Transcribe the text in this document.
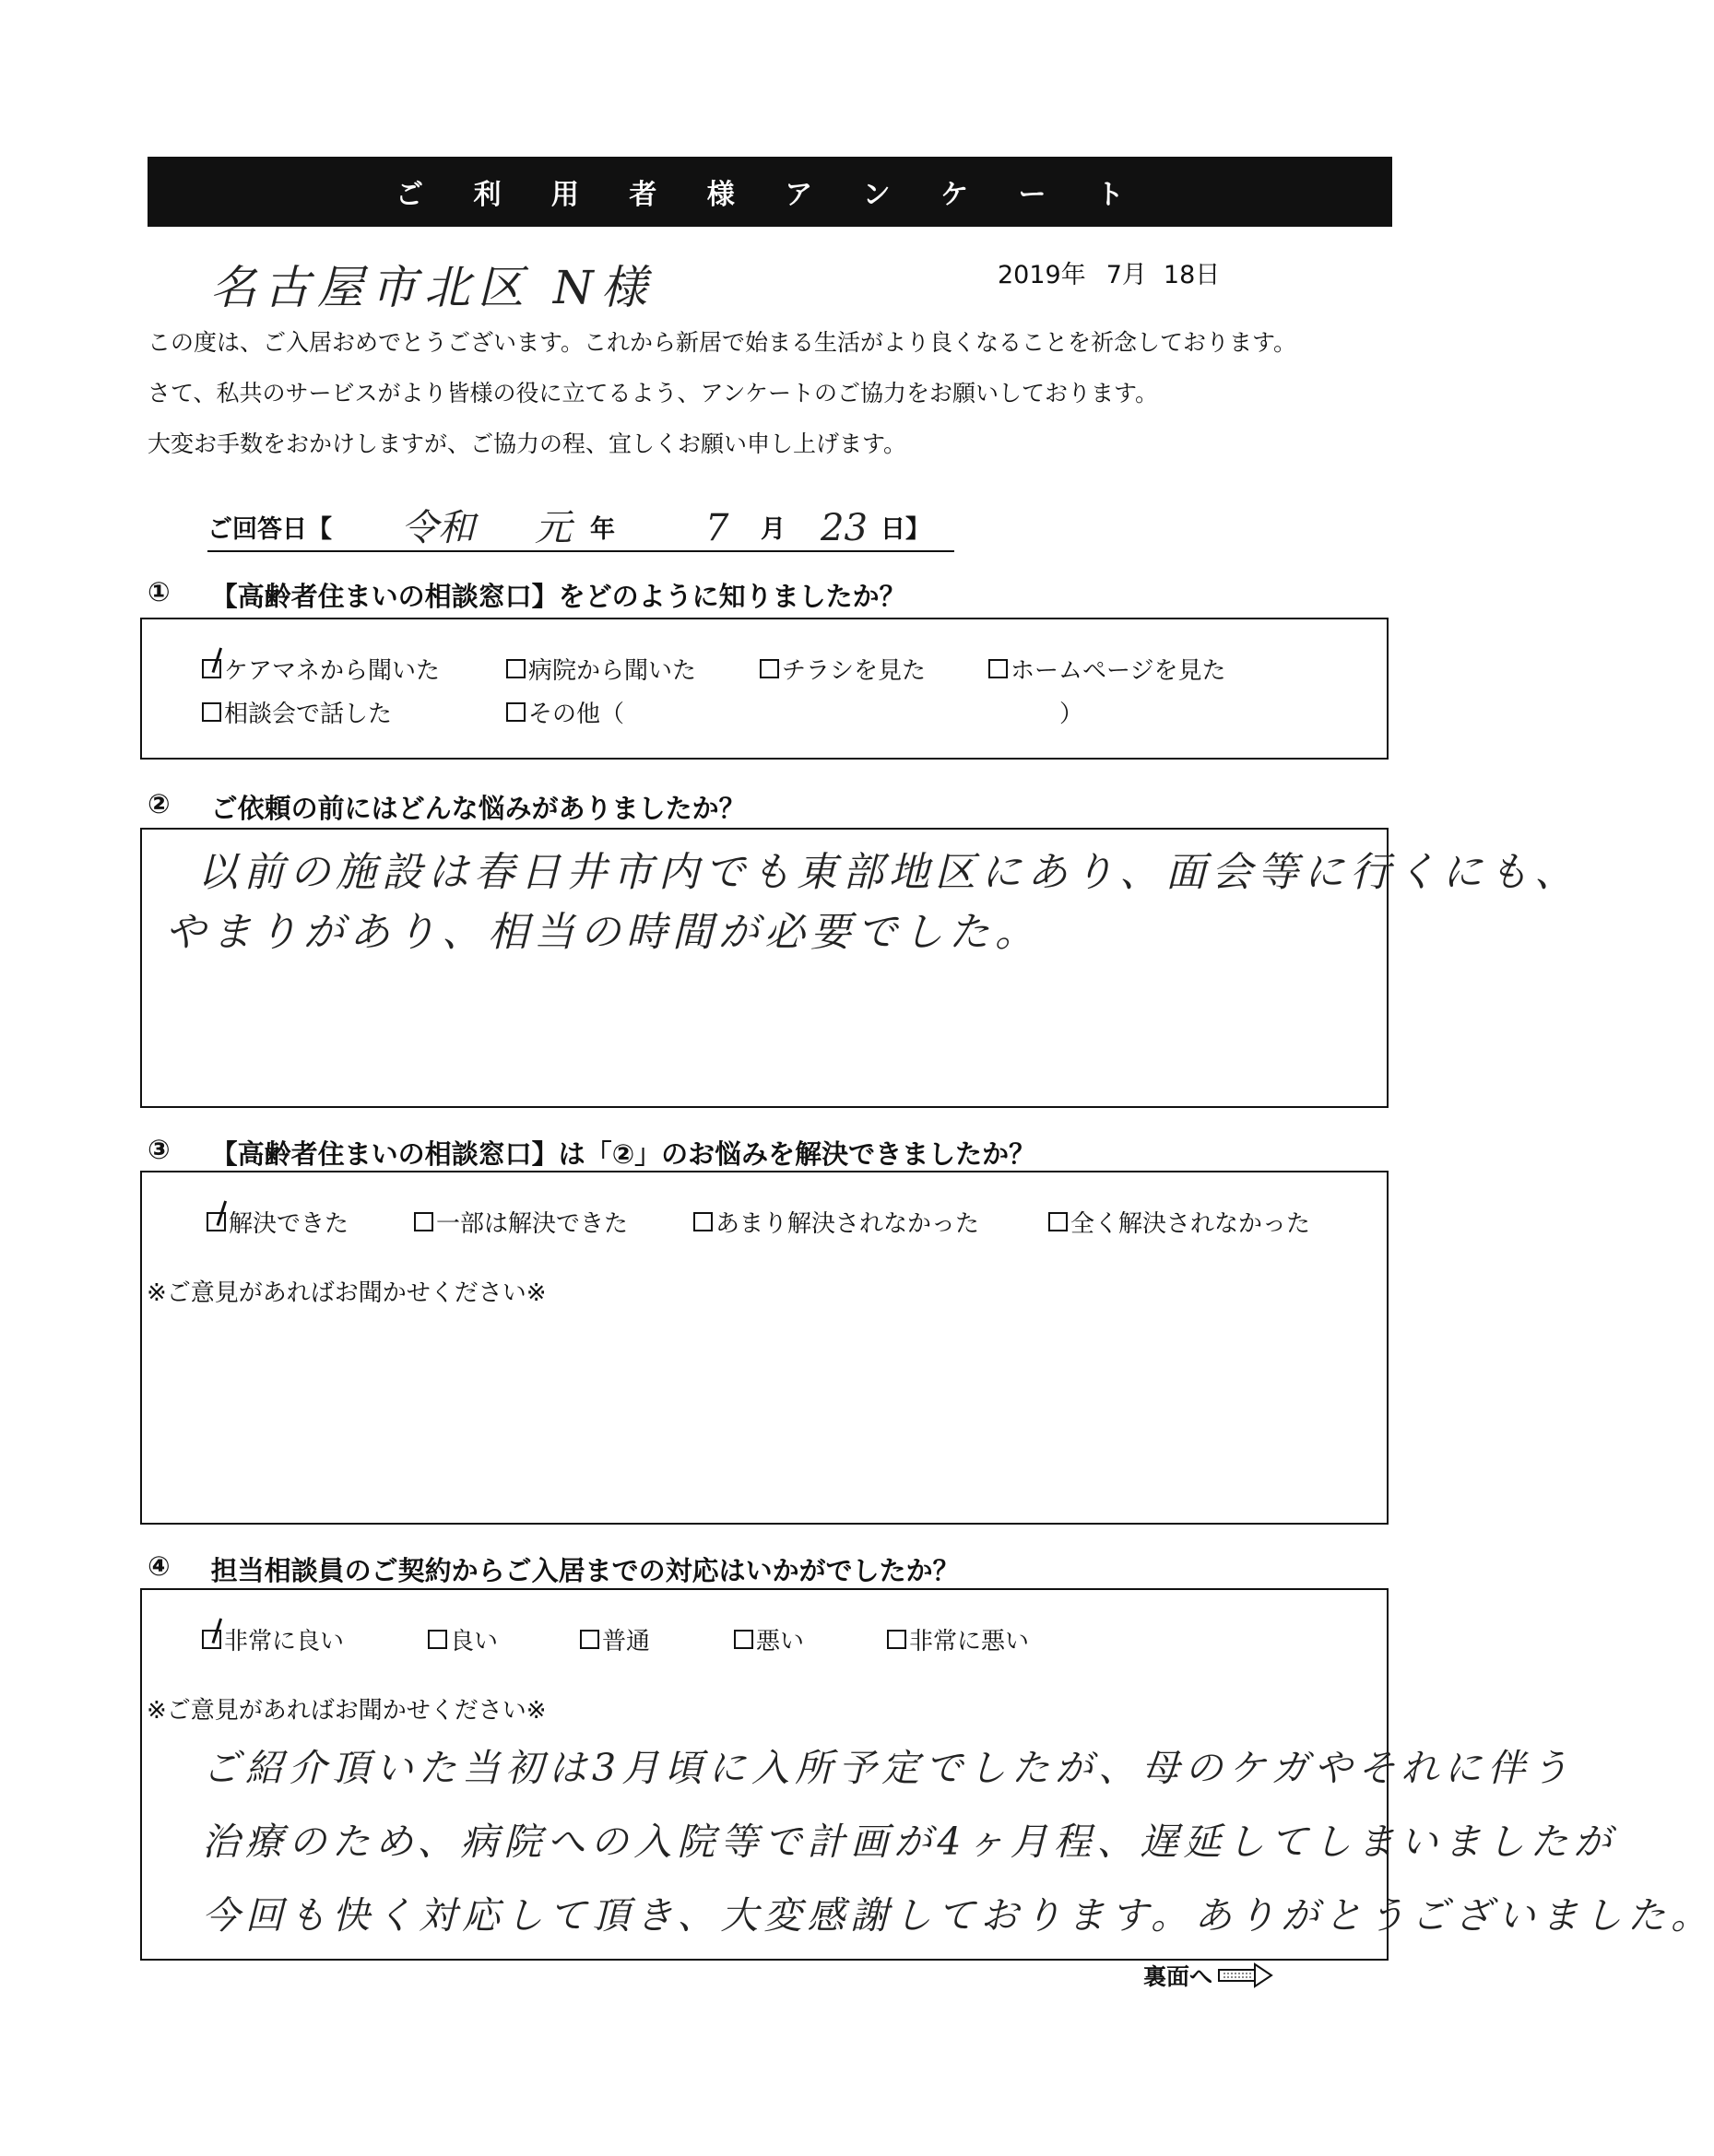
ご 利 用 者 様 ア ン ケ ー ト
名古屋市北区 N様	2019年 7月 18日
この度は、ご入居おめでとうございます。これから新居で始まる生活がより良くなることを祈念しております。
さて、私共のサービスがより皆様の役に立てるよう、アンケートのご協力をお願いしております。
大変お手数をおかけしますが、ご協力の程、宜しくお願い申し上げます。
ご回答日【 令和 元 年 7 月 23 日】
① 【高齢者住まいの相談窓口】をどのように知りましたか？
ケアマネから聞いた	病院から聞いた	チラシを見た	ホームページを見た
相談会で話した	その他（	）
② ご依頼の前にはどんな悩みがありましたか？
以前の施設は春日井市内でも東部地区にあり、面会等に行くにも、
やまりがあり、相当の時間が必要でした。
③ 【高齢者住まいの相談窓口】は「②」のお悩みを解決できましたか？
解決できた	一部は解決できた	あまり解決されなかった	全く解決されなかった
※ご意見があればお聞かせください※
④ 担当相談員のご契約からご入居までの対応はいかがでしたか？
非常に良い	良い	普通	悪い	非常に悪い
※ご意見があればお聞かせください※
ご紹介頂いた当初は3月頃に入所予定でしたが、母のケガやそれに伴う
治療のため、病院への入院等で計画が4ヶ月程、遅延してしまいましたが
今回も快く対応して頂き、大変感謝しております。ありがとうございました。
裏面へ
